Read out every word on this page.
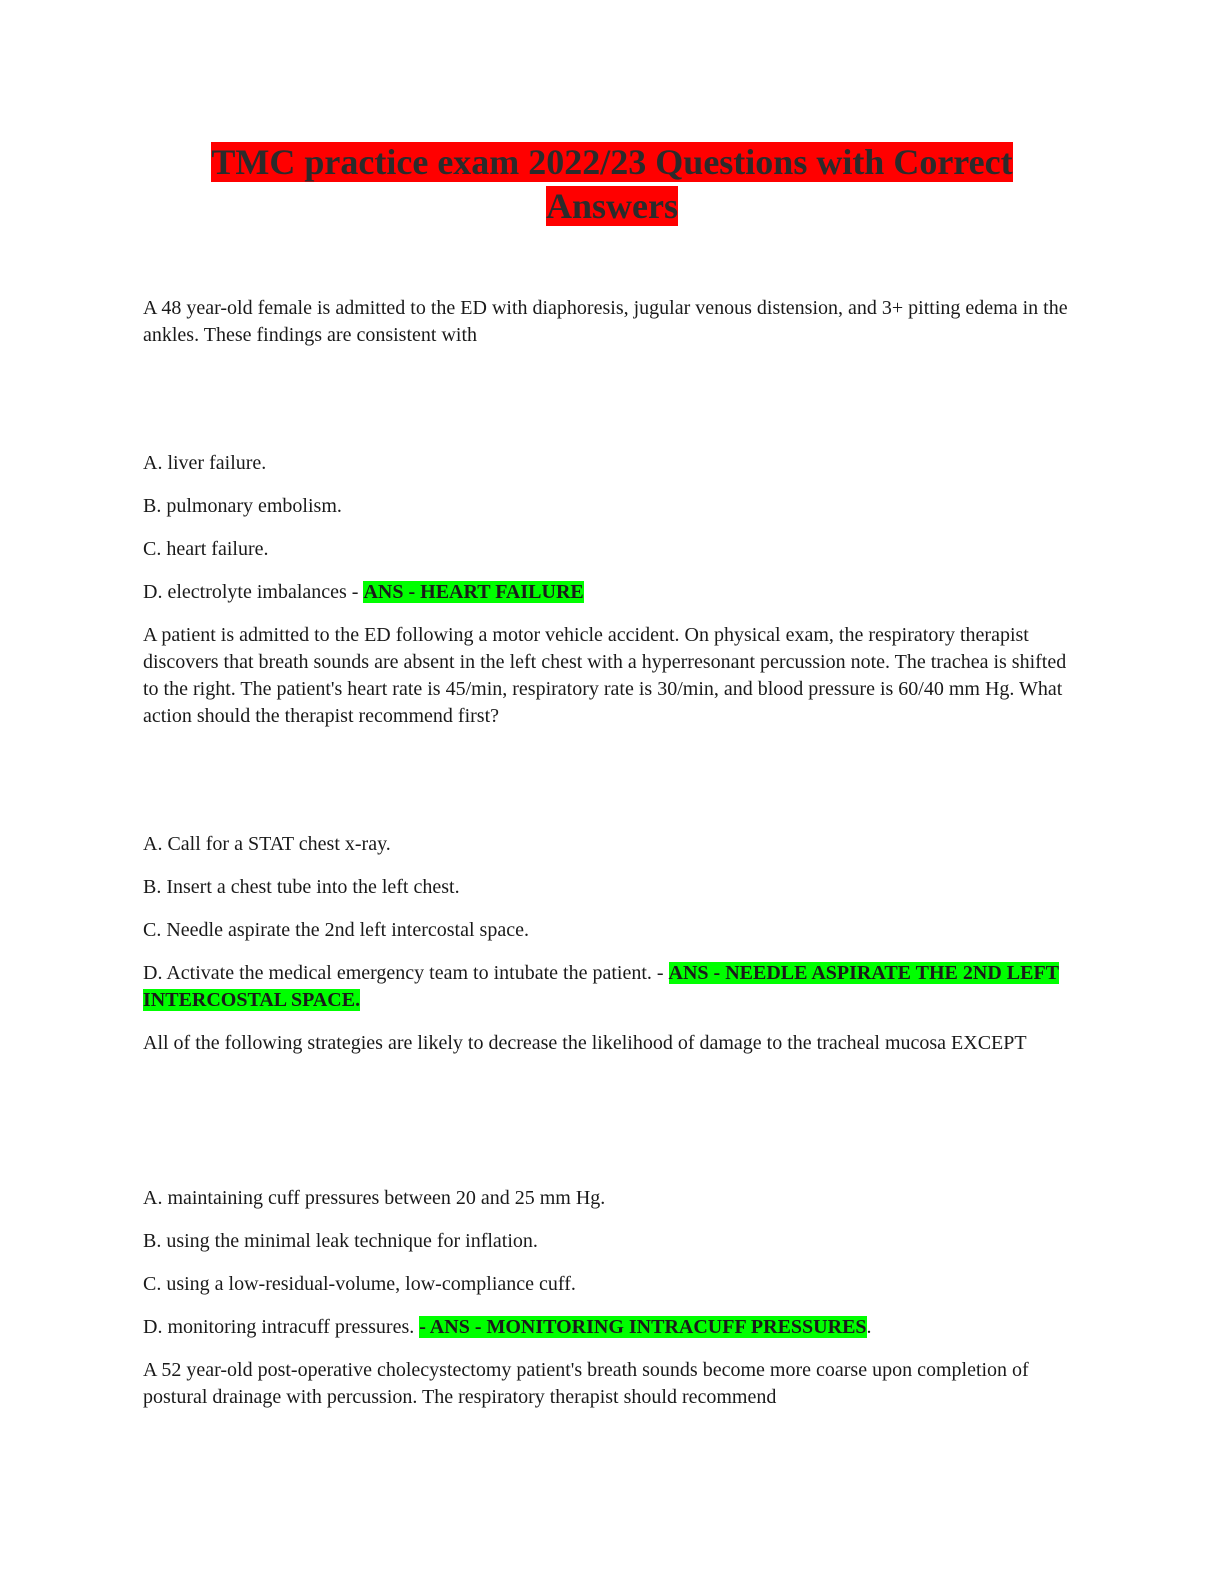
TMC practice exam 2022/23 Questions with Correct
Answers

A 48 year-old female is admitted to the ED with diaphoresis, jugular venous distension, and 3+ pitting edema in the ankles. These findings are consistent with

A. liver failure.

B. pulmonary embolism.

C. heart failure.

D. electrolyte imbalances - ANS - HEART FAILURE

A patient is admitted to the ED following a motor vehicle accident. On physical exam, the respiratory therapist discovers that breath sounds are absent in the left chest with a hyperresonant percussion note. The trachea is shifted to the right. The patient's heart rate is 45/min, respiratory rate is 30/min, and blood pressure is 60/40 mm Hg. What action should the therapist recommend first?

A. Call for a STAT chest x-ray.

B. Insert a chest tube into the left chest.

C. Needle aspirate the 2nd left intercostal space.

D. Activate the medical emergency team to intubate the patient. - ANS - NEEDLE ASPIRATE THE 2ND LEFT INTERCOSTAL SPACE.

All of the following strategies are likely to decrease the likelihood of damage to the tracheal mucosa EXCEPT

A. maintaining cuff pressures between 20 and 25 mm Hg.

B. using the minimal leak technique for inflation.

C. using a low-residual-volume, low-compliance cuff.

D. monitoring intracuff pressures. - ANS - MONITORING INTRACUFF PRESSURES.

A 52 year-old post-operative cholecystectomy patient's breath sounds become more coarse upon completion of postural drainage with percussion. The respiratory therapist should recommend
